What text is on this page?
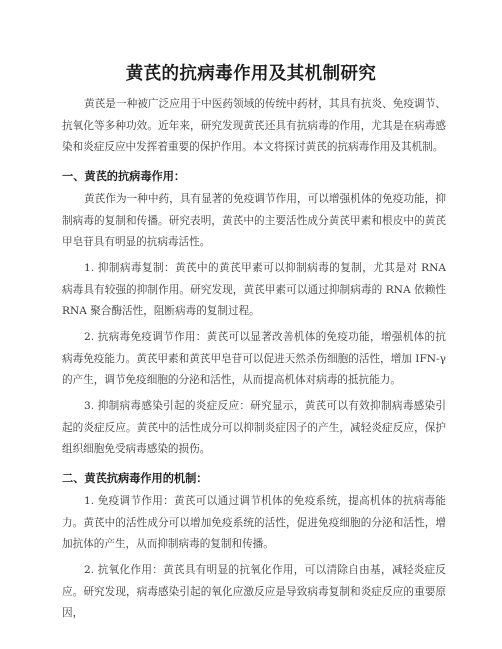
黄芪的抗病毒作用及其机制研究

黄芪是一种被广泛应用于中医药领域的传统中药材，其具有抗炎、免疫调节、抗氧化等多种功效。近年来，研究发现黄芪还具有抗病毒的作用，尤其是在病毒感染和炎症反应中发挥着重要的保护作用。本文将探讨黄芪的抗病毒作用及其机制。

一、黄芪的抗病毒作用：

黄芪作为一种中药，具有显著的免疫调节作用，可以增强机体的免疫功能，抑制病毒的复制和传播。研究表明，黄芪中的主要活性成分黄芪甲素和根皮中的黄芪甲皂苷具有明显的抗病毒活性。

1. 抑制病毒复制：黄芪中的黄芪甲素可以抑制病毒的复制，尤其是对 RNA 病毒具有较强的抑制作用。研究发现，黄芪甲素可以通过抑制病毒的 RNA 依赖性 RNA 聚合酶活性，阻断病毒的复制过程。

2. 抗病毒免疫调节作用：黄芪可以显著改善机体的免疫功能，增强机体的抗病毒免疫能力。黄芪甲素和黄芪甲皂苷可以促进天然杀伤细胞的活性，增加 IFN-γ的产生，调节免疫细胞的分泌和活性，从而提高机体对病毒的抵抗能力。

3. 抑制病毒感染引起的炎症反应：研究显示，黄芪可以有效抑制病毒感染引起的炎症反应。黄芪中的活性成分可以抑制炎症因子的产生，减轻炎症反应，保护组织细胞免受病毒感染的损伤。

二、黄芪抗病毒作用的机制：

1. 免疫调节作用：黄芪可以通过调节机体的免疫系统，提高机体的抗病毒能力。黄芪中的活性成分可以增加免疫系统的活性，促进免疫细胞的分泌和活性，增加抗体的产生，从而抑制病毒的复制和传播。

2. 抗氧化作用：黄芪具有明显的抗氧化作用，可以清除自由基，减轻炎症反应。研究发现，病毒感染引起的氧化应激反应是导致病毒复制和炎症反应的重要原因，
